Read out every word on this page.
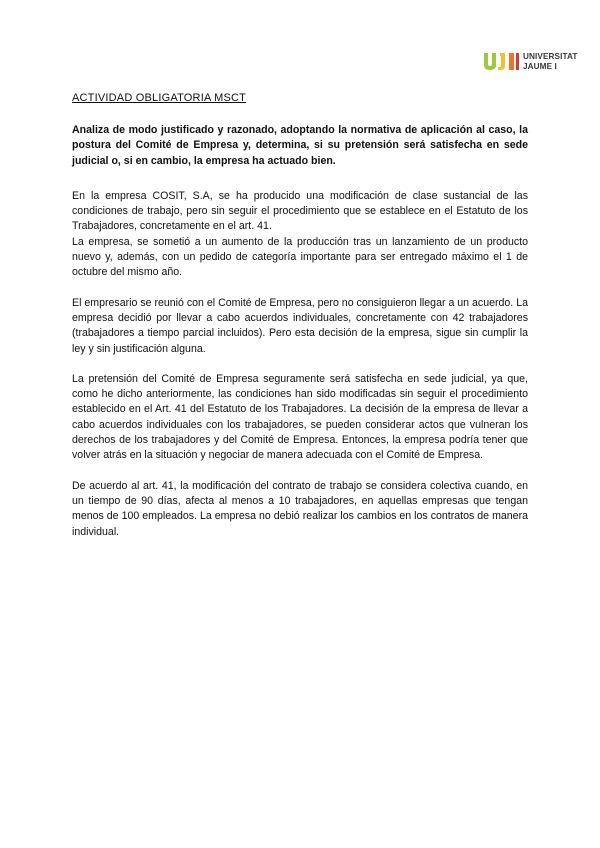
UNIVERSITAT
JAUME I
ACTIVIDAD OBLIGATORIA MSCT

Analiza de modo justificado y razonado, adoptando la normativa de aplicación al caso, la postura del Comité de Empresa y, determina, si su pretensión será satisfecha en sede judicial o, si en cambio, la empresa ha actuado bien.

En la empresa COSIT, S.A, se ha producido una modificación de clase sustancial de las condiciones de trabajo, pero sin seguir el procedimiento que se establece en el Estatuto de los Trabajadores, concretamente en el art. 41.

La empresa, se sometió a un aumento de la producción tras un lanzamiento de un producto nuevo y, además, con un pedido de categoría importante para ser entregado máximo el 1 de octubre del mismo año.

El empresario se reunió con el Comité de Empresa, pero no consiguieron llegar a un acuerdo. La empresa decidió por llevar a cabo acuerdos individuales, concretamente con 42 trabajadores (trabajadores a tiempo parcial incluidos). Pero esta decisión de la empresa, sigue sin cumplir la ley y sin justificación alguna.

La pretensión del Comité de Empresa seguramente será satisfecha en sede judicial, ya que, como he dicho anteriormente, las condiciones han sido modificadas sin seguir el procedimiento establecido en el Art. 41 del Estatuto de los Trabajadores. La decisión de la empresa de llevar a cabo acuerdos individuales con los trabajadores, se pueden considerar actos que vulneran los derechos de los trabajadores y del Comité de Empresa. Entonces, la empresa podría tener que volver atrás en la situación y negociar de manera adecuada con el Comité de Empresa.

De acuerdo al art. 41, la modificación del contrato de trabajo se considera colectiva cuando, en un tiempo de 90 días, afecta al menos a 10 trabajadores, en aquellas empresas que tengan menos de 100 empleados. La empresa no debió realizar los cambios en los contratos de manera individual.
